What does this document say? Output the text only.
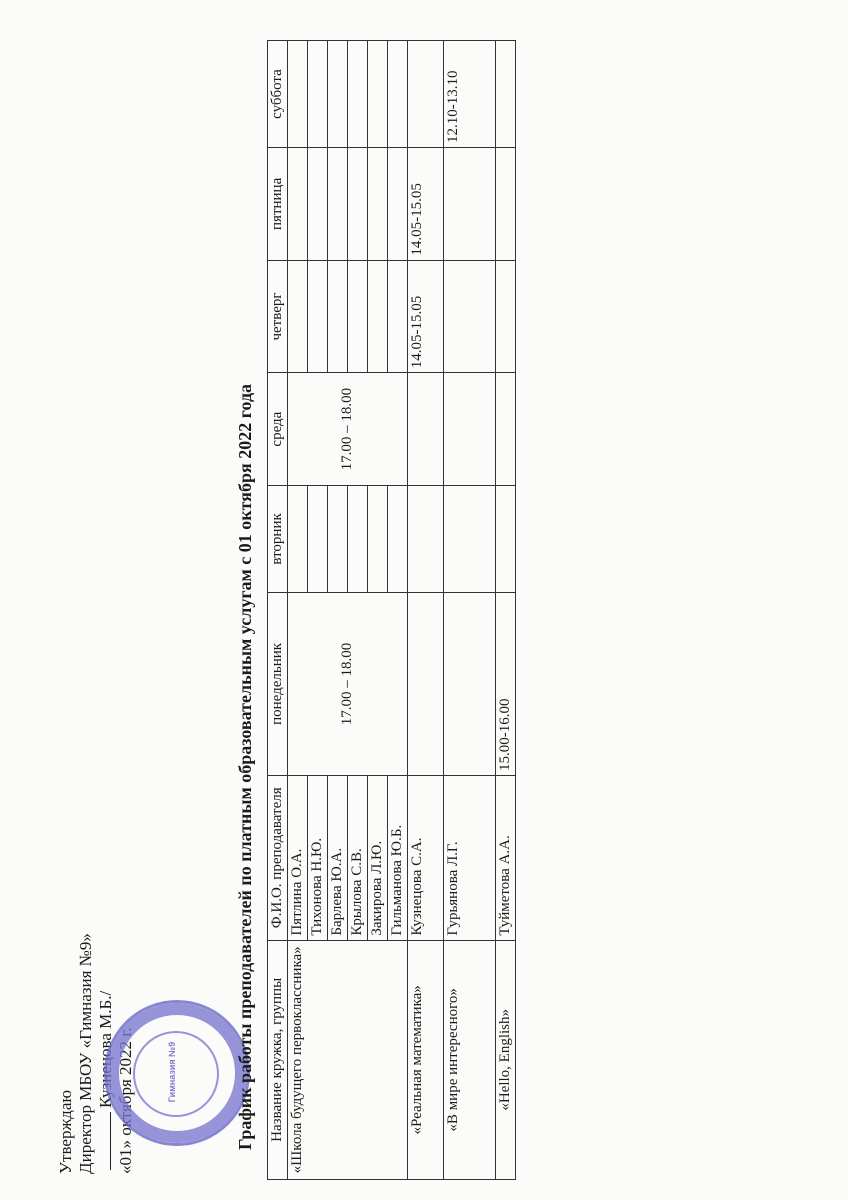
Утверждаю Директор МБОУ «Гимназия №9» Кузнецова М.Б./ «01» октября 2022 г.	Гимназия №9	График работы преподавателей по платным образовательным услугам с 01 октября 2022 года Название кружка, группы	Ф.И.О. преподавателя	понедельник	вторник	среда	четверг	пятница	суббота
«Школа будущего первоклассника»	Пятлина О.А.	17.00 – 18.00		17.00 – 18.00			
	Тихонова Н.Ю.						
	Барлева Ю.А.						
	Крылова С.В.						
	Закирова Л.Ю.						
	Гильманова Ю.Б.						
«Реальная математика»	Кузнецова С.А.				14.05-15.05	14.05-15.05	
«В мире интересного»	Гурьянова Л.Г.						12.10-13.10
«Hello, English»	Туйметова А.А.	15.00-16.00					
